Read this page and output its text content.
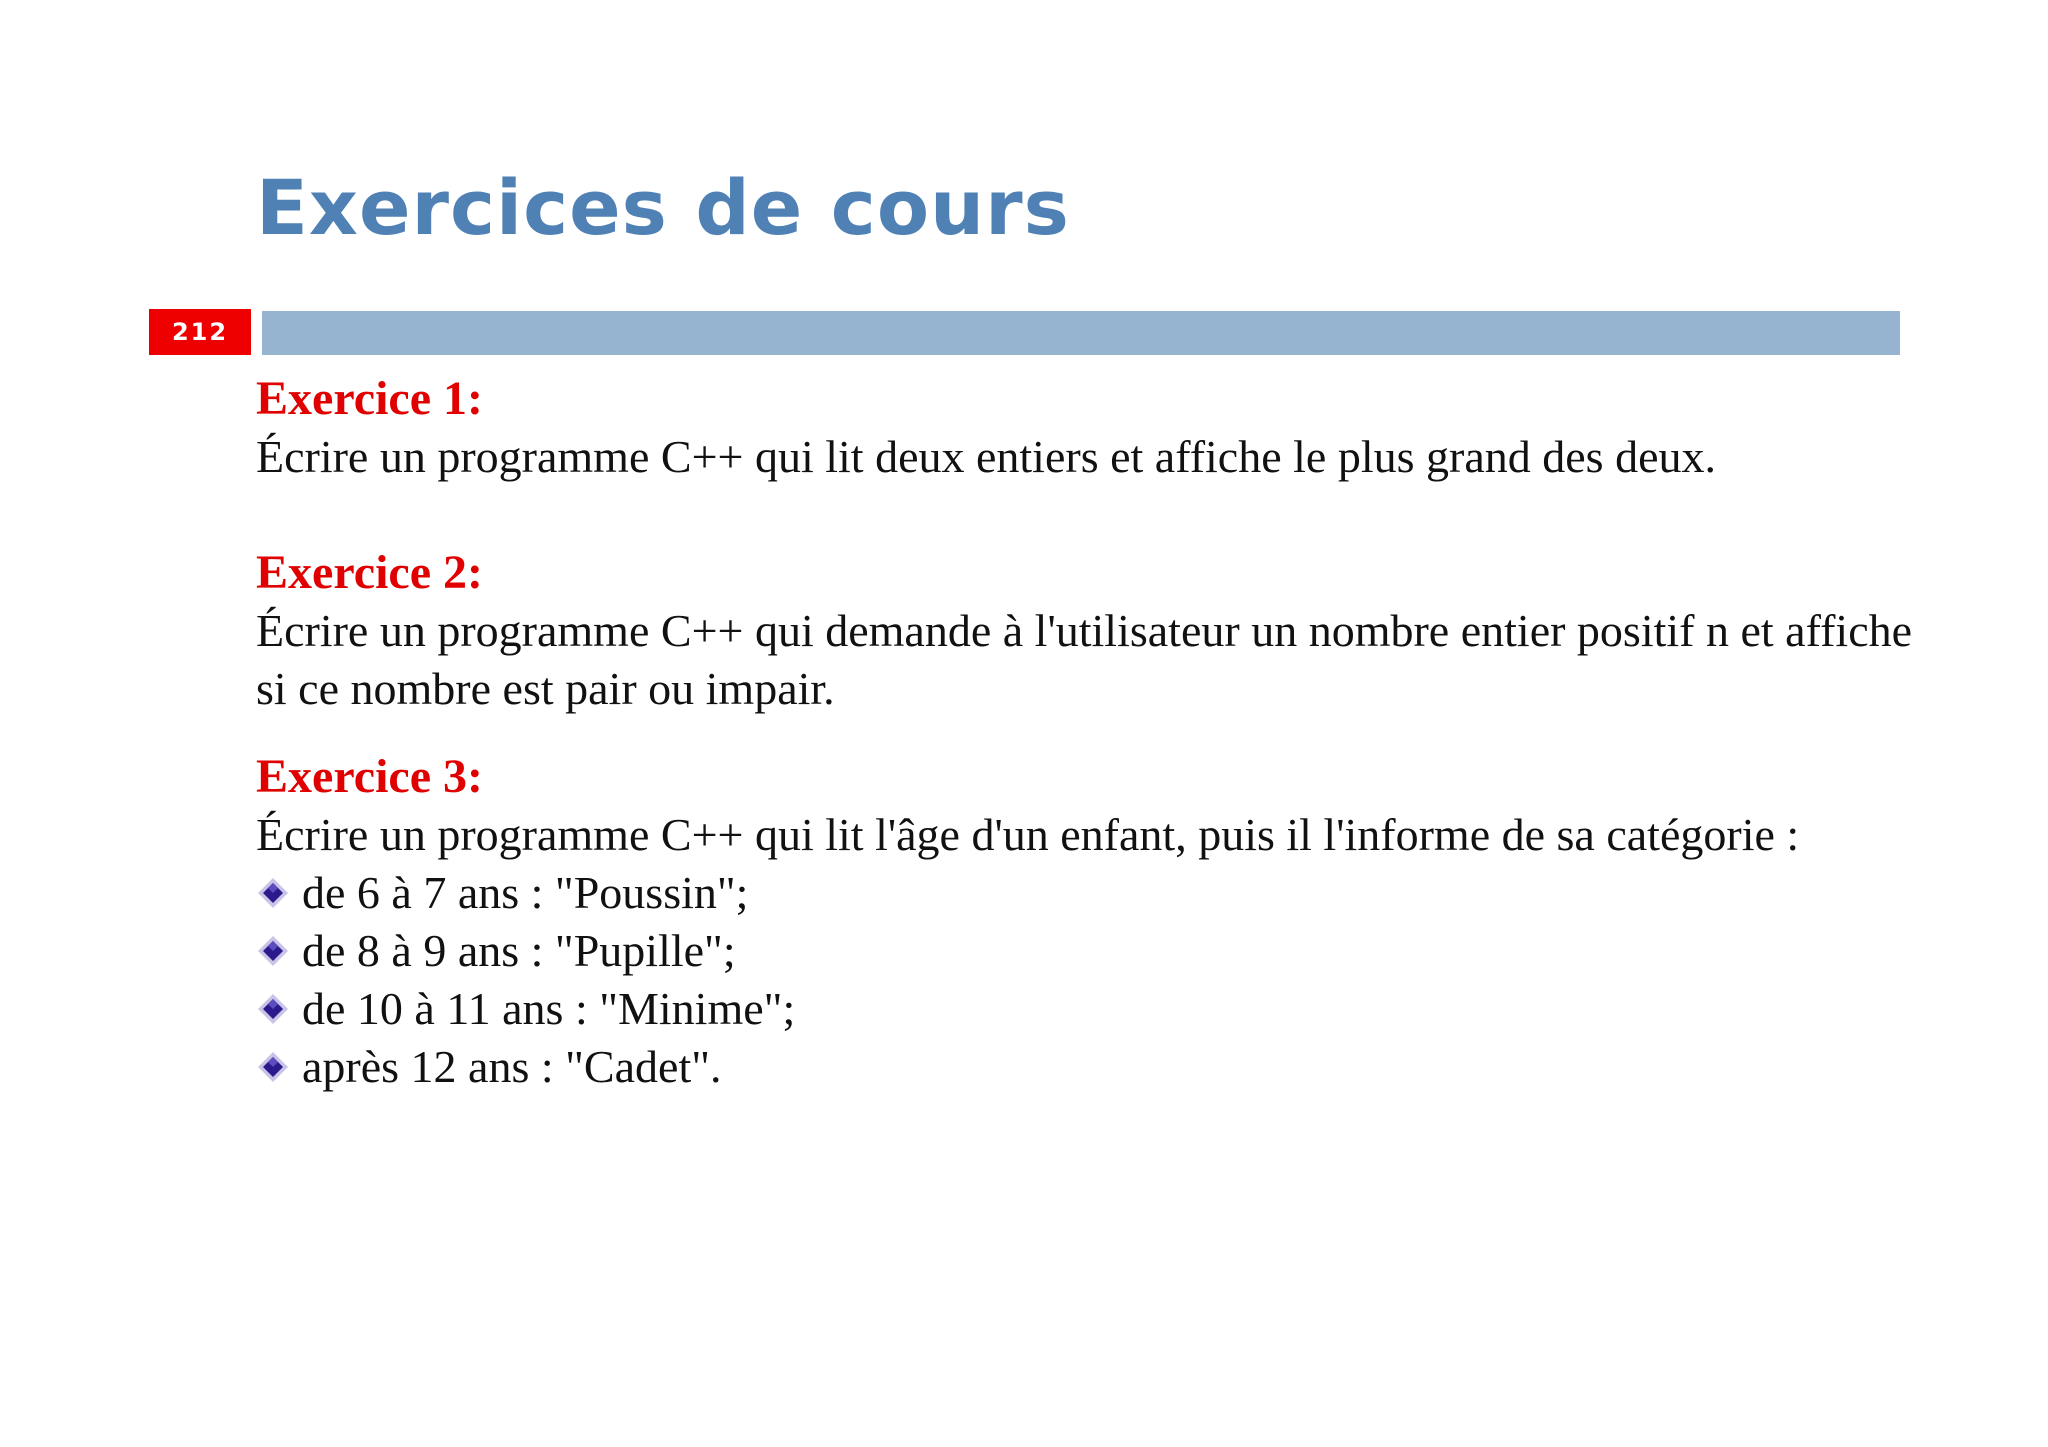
Exercices de cours
212
Exercice 1:
Écrire un programme C++ qui lit deux entiers et affiche le plus grand des deux.
Exercice 2:
Écrire un programme C++ qui demande à l'utilisateur un nombre entier positif n et affiche si ce nombre est pair ou impair.
Exercice 3:
Écrire un programme C++ qui lit l'âge d'un enfant, puis il l'informe de sa catégorie :
de 6 à 7 ans : "Poussin";
de 8 à 9 ans : "Pupille";
de 10 à 11 ans : "Minime";
après 12 ans : "Cadet".
